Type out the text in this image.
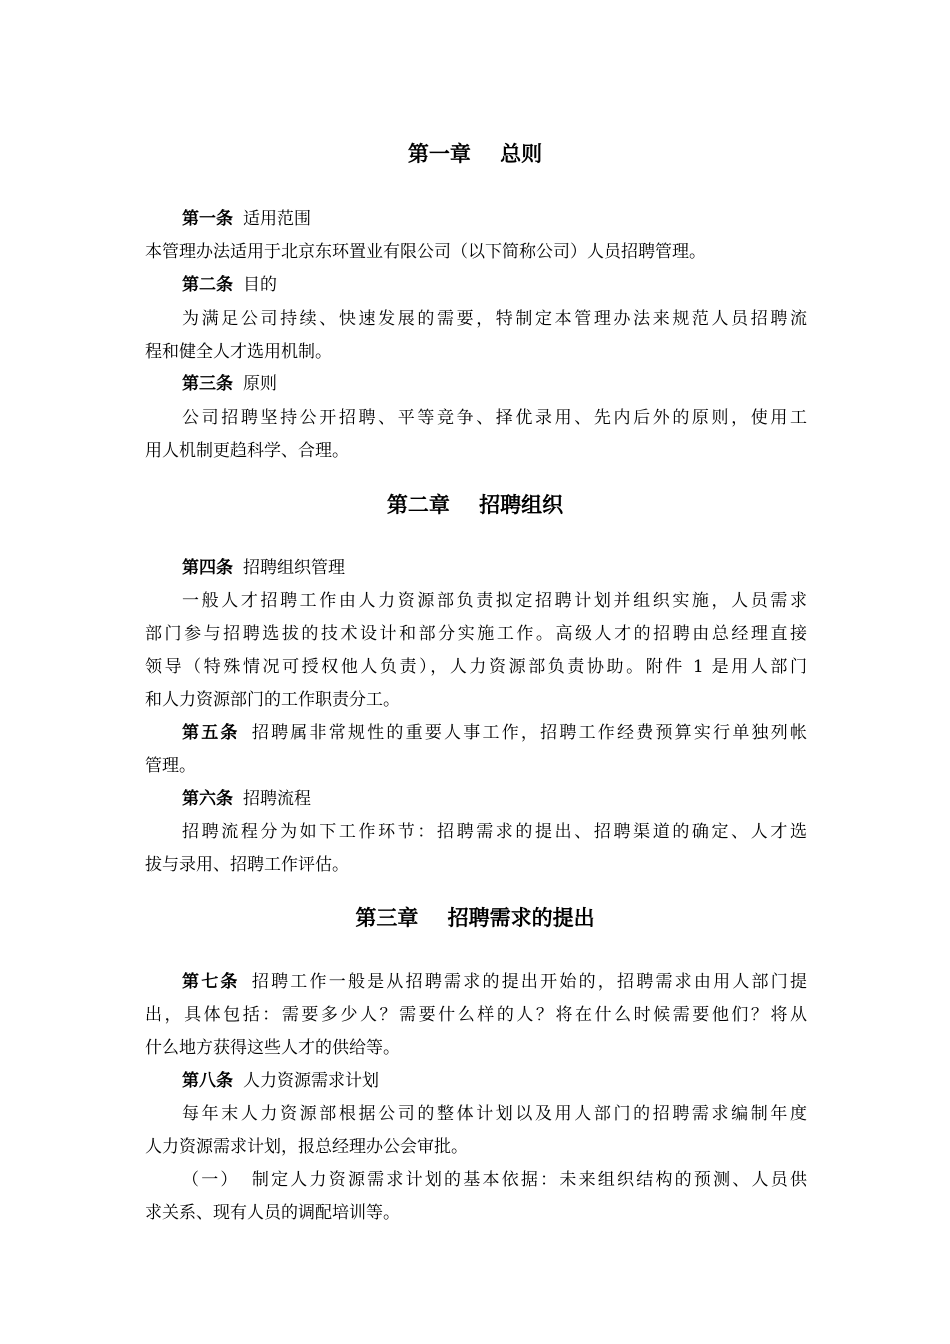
第一章    总则
第一条 适用范围
本管理办法适用于北京东环置业有限公司（以下简称公司）人员招聘管理。
第二条 目的
为满足公司持续、快速发展的需要，特制定本管理办法来规范人员招聘流
程和健全人才选用机制。
第三条 原则
公司招聘坚持公开招聘、平等竞争、择优录用、先内后外的原则，使用工
用人机制更趋科学、合理。
第二章    招聘组织
第四条 招聘组织管理
一般人才招聘工作由人力资源部负责拟定招聘计划并组织实施，人员需求
部门参与招聘选拔的技术设计和部分实施工作。高级人才的招聘由总经理直接
领导（特殊情况可授权他人负责），人力资源部负责协助。附件 1 是用人部门
和人力资源部门的工作职责分工。
第五条 招聘属非常规性的重要人事工作，招聘工作经费预算实行单独列帐
管理。
第六条 招聘流程
招聘流程分为如下工作环节：招聘需求的提出、招聘渠道的确定、人才选
拔与录用、招聘工作评估。
第三章    招聘需求的提出
第七条 招聘工作一般是从招聘需求的提出开始的，招聘需求由用人部门提
出，具体包括：需要多少人？需要什么样的人？将在什么时候需要他们？将从
什么地方获得这些人才的供给等。
第八条 人力资源需求计划
每年末人力资源部根据公司的整体计划以及用人部门的招聘需求编制年度
人力资源需求计划，报总经理办公会审批。
（一） 制定人力资源需求计划的基本依据：未来组织结构的预测、人员供
求关系、现有人员的调配培训等。
